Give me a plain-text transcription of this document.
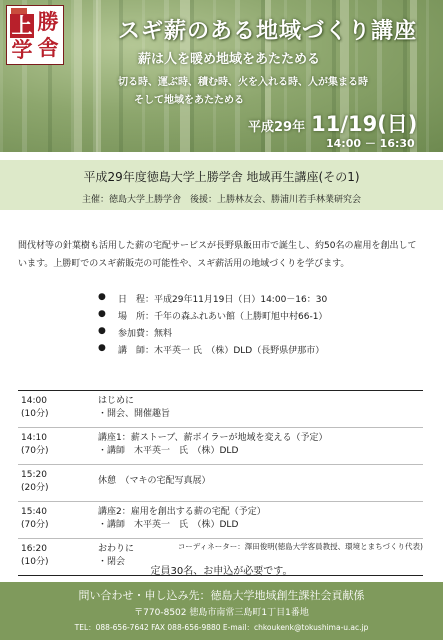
上 勝
学 舎
スギ薪のある地域づくり講座
薪は人を暖め地域をあたためる
切る時、運ぶ時、積む時、火を入れる時、人が集まる時
そして地域をあたためる
平成29年 11/19(日)
14:00 － 16:30
平成29年度徳島大学上勝学舎 地域再生講座(その1)
主催：徳島大学上勝学舎　後援：上勝林友会、勝浦川若手林業研究会
間伐材等の針葉樹も活用した薪の宅配サービスが長野県飯田市で誕生し、約50名の雇用を創出しています。上勝町でのスギ薪販売の可能性や、スギ薪活用の地域づくりを学びます。
● 日　程：平成29年11月19日（日）14:00－16：30
● 場　所：千年の森ふれあい館（上勝町旭中村66-1）
● 参加費：無料
● 講　師：木平英一 氏　（株）DLD（長野県伊那市）
14:00
(10分)
はじめに
・開会、開催趣旨
14:10
(70分)
講座1：薪ストーブ、薪ボイラーが地域を変える（予定）
・講師　木平英一　氏　（株）DLD
15:20
(20分)
休憩　（マキの宅配写真展）
15:40
(70分)
講座2：雇用を創出する薪の宅配（予定）
・講師　木平英一　氏　（株）DLD
16:20
(10分)
おわりに
・閉会
コーディネーター：澤田俊明(徳島大学客員教授、環境とまちづくり代表)
定員30名、お申込が必要です。
問い合わせ・申し込み先：徳島大学地域創生課社会貢献係
〒770-8502 徳島市南常三島町1丁目1番地
TEL：088-656-7642 FAX 088-656-9880 E-mail：chkoukenk@tokushima-u.ac.jp
